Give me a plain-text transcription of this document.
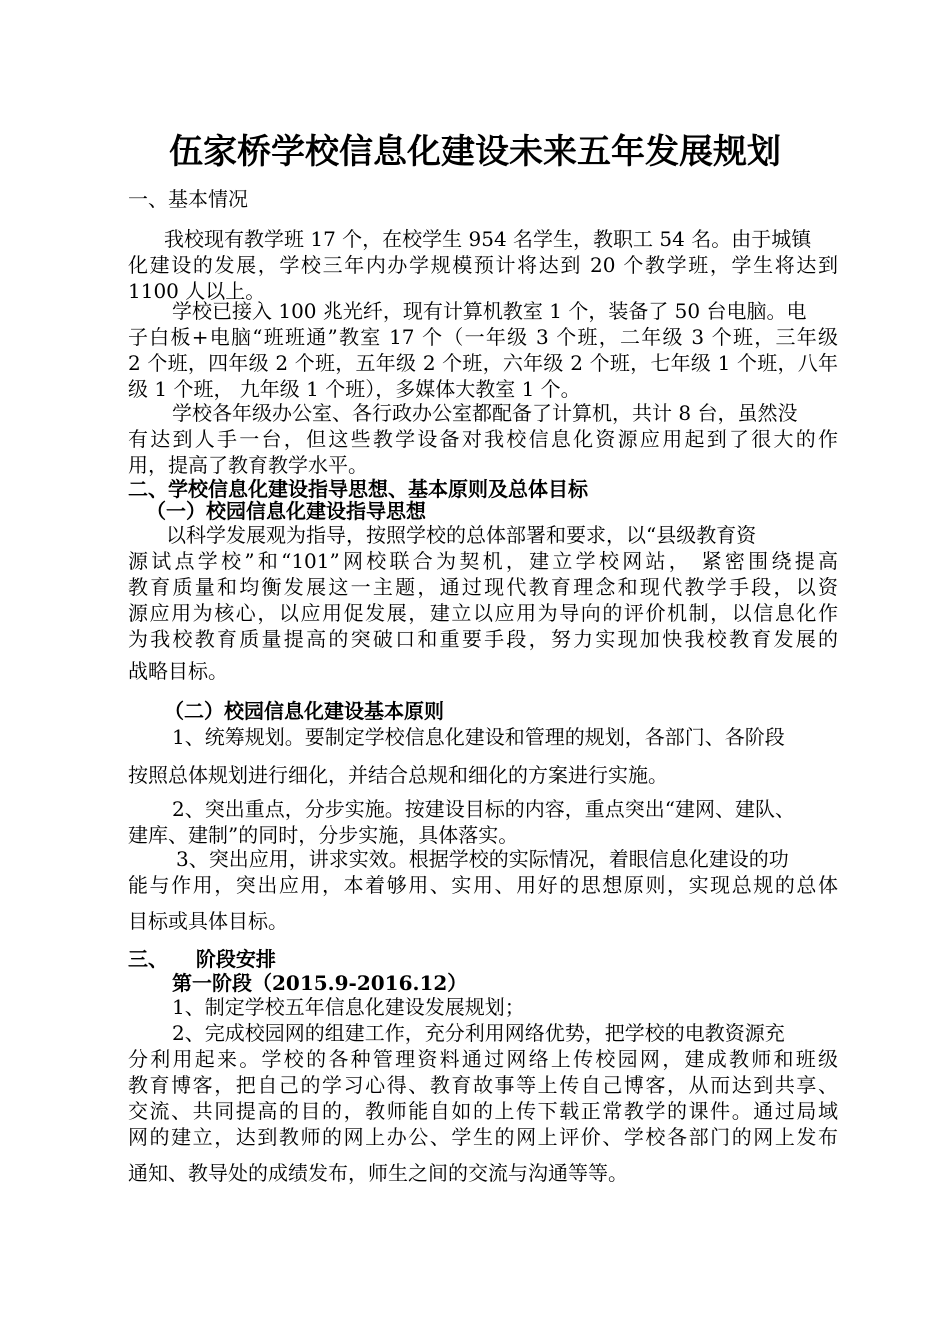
伍家桥学校信息化建设未来五年发展规划
一、基本情况
我校现有教学班 17 个，在校学生 954 名学生，教职工 54 名。由于城镇
化建设的发展，学校三年内办学规模预计将达到 20 个教学班，学生将达到
1100 人以上。
学校已接入 100 兆光纤，现有计算机教室 1 个，装备了 50 台电脑。电
子白板+电脑“班班通”教室 17 个（一年级 3 个班，二年级 3 个班，三年级
2 个班，四年级 2 个班，五年级 2 个班，六年级 2 个班，七年级 1 个班，八年
级 1 个班， 九年级 1 个班），多媒体大教室 1 个。
学校各年级办公室、各行政办公室都配备了计算机，共计 8 台，虽然没
有达到人手一台，但这些教学设备对我校信息化资源应用起到了很大的作
用，提高了教育教学水平。
二、学校信息化建设指导思想、基本原则及总体目标
（一）校园信息化建设指导思想
以科学发展观为指导，按照学校的总体部署和要求，以“县级教育资
源试点学校”和“101”网校联合为契机，建立学校网站， 紧密围绕提高
教育质量和均衡发展这一主题，通过现代教育理念和现代教学手段，以资
源应用为核心，以应用促发展，建立以应用为导向的评价机制，以信息化作
为我校教育质量提高的突破口和重要手段，努力实现加快我校教育发展的
战略目标。
（二）校园信息化建设基本原则
1、统筹规划。要制定学校信息化建设和管理的规划，各部门、各阶段
按照总体规划进行细化，并结合总规和细化的方案进行实施。
2、突出重点，分步实施。按建设目标的内容，重点突出“建网、建队、
建库、建制”的同时，分步实施，具体落实。
3、突出应用，讲求实效。根据学校的实际情况，着眼信息化建设的功
能与作用，突出应用，本着够用、实用、用好的思想原则，实现总规的总体
目标或具体目标。
三、    阶段安排
第一阶段（2015.9-2016.12）
1、制定学校五年信息化建设发展规划；
2、完成校园网的组建工作，充分利用网络优势，把学校的电教资源充
分利用起来。学校的各种管理资料通过网络上传校园网，建成教师和班级
教育博客，把自己的学习心得、教育故事等上传自己博客，从而达到共享、
交流、共同提高的目的，教师能自如的上传下载正常教学的课件。通过局域
网的建立，达到教师的网上办公、学生的网上评价、学校各部门的网上发布
通知、教导处的成绩发布，师生之间的交流与沟通等等。
